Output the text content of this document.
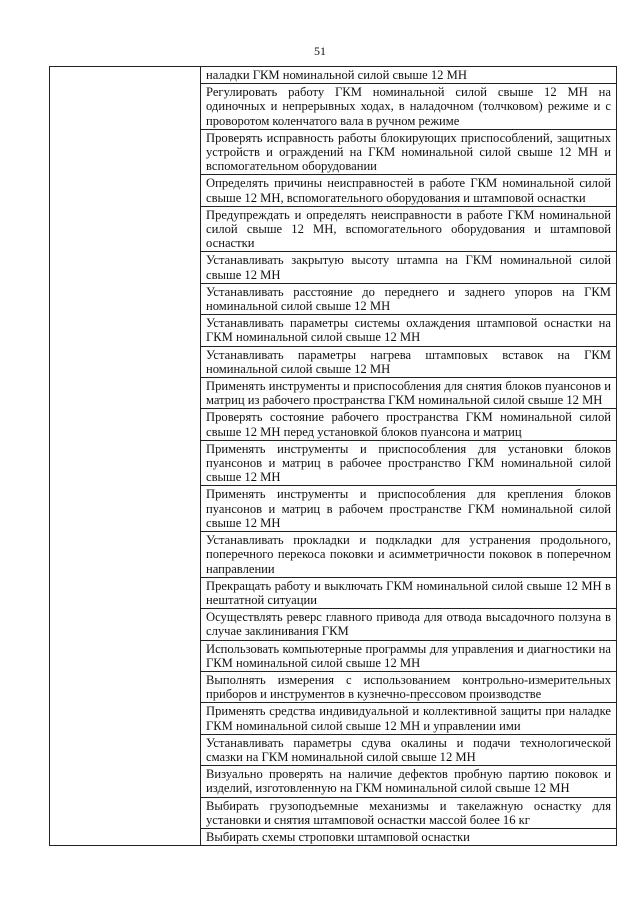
51

наладки ГКМ номинальной силой свыше 12 МН
Регулировать работу ГКМ номинальной силой свыше 12 МН на одиночных и непрерывных ходах, в наладочном (толчковом) режиме и с проворотом коленчатого вала в ручном режиме
Проверять исправность работы блокирующих приспособлений, защитных устройств и ограждений на ГКМ номинальной силой свыше 12 МН и вспомогательном оборудовании
Определять причины неисправностей в работе ГКМ номинальной силой свыше 12 МН, вспомогательного оборудования и штамповой оснастки
Предупреждать и определять неисправности в работе ГКМ номинальной силой свыше 12 МН, вспомогательного оборудования и штамповой оснастки
Устанавливать закрытую высоту штампа на ГКМ номинальной силой свыше 12 МН
Устанавливать расстояние до переднего и заднего упоров на ГКМ номинальной силой свыше 12 МН
Устанавливать параметры системы охлаждения штамповой оснастки на ГКМ номинальной силой свыше 12 МН
Устанавливать параметры нагрева штамповых вставок на ГКМ номинальной силой свыше 12 МН
Применять инструменты и приспособления для снятия блоков пуансонов и матриц из рабочего пространства ГКМ номинальной силой свыше 12 МН
Проверять состояние рабочего пространства ГКМ номинальной силой свыше 12 МН перед установкой блоков пуансона и матриц
Применять инструменты и приспособления для установки блоков пуансонов и матриц в рабочее пространство ГКМ номинальной силой свыше 12 МН
Применять инструменты и приспособления для крепления блоков пуансонов и матриц в рабочем пространстве ГКМ номинальной силой свыше 12 МН
Устанавливать прокладки и подкладки для устранения продольного, поперечного перекоса поковки и асимметричности поковок в поперечном направлении
Прекращать работу и выключать ГКМ номинальной силой свыше 12 МН в нештатной ситуации
Осуществлять реверс главного привода для отвода высадочного ползуна в случае заклинивания ГКМ
Использовать компьютерные программы для управления и диагностики на ГКМ номинальной силой свыше 12 МН
Выполнять измерения с использованием контрольно-измерительных приборов и инструментов в кузнечно-прессовом производстве
Применять средства индивидуальной и коллективной защиты при наладке ГКМ номинальной силой свыше 12 МН и управлении ими
Устанавливать параметры сдува окалины и подачи технологической смазки на ГКМ номинальной силой свыше 12 МН
Визуально проверять на наличие дефектов пробную партию поковок и изделий, изготовленную на ГКМ номинальной силой свыше 12 МН
Выбирать грузоподъемные механизмы и такелажную оснастку для установки и снятия штамповой оснастки массой более 16 кг
Выбирать схемы строповки штамповой оснастки
